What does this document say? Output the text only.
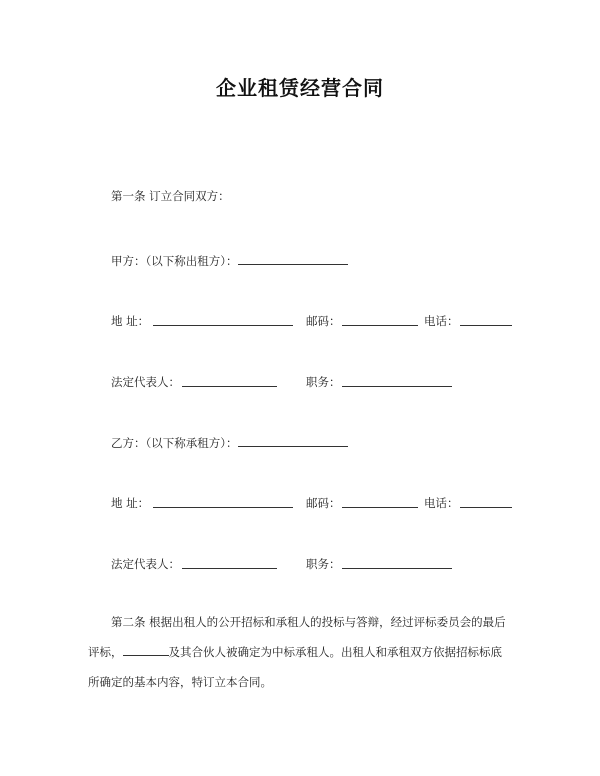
企业租赁经营合同
第一条 订立合同双方：
甲方：（以下称出租方）：
地 址：	邮码：	电话：
法定代表人：	职务：
乙方：（以下称承租方）：
地 址：	邮码：	电话：
法定代表人：	职务：
第二条 根据出租人的公开招标和承租人的投标与答辩，经过评标委员会的最后
评标，	及其合伙人被确定为中标承租人。出租人和承租双方依据招标标底
所确定的基本内容，特订立本合同。
